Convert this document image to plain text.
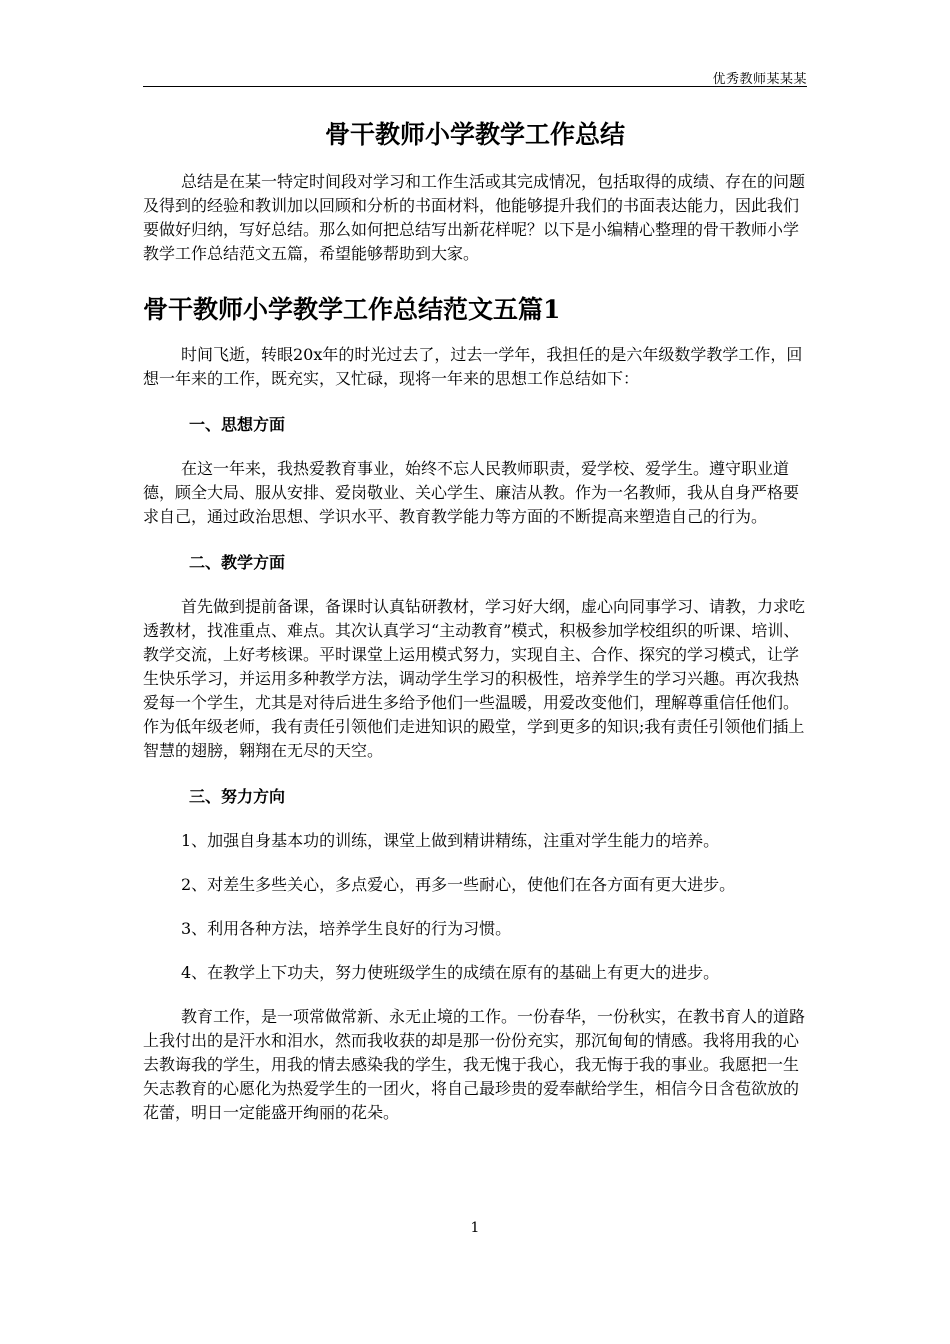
优秀教师某某某
骨干教师小学教学工作总结

总结是在某一特定时间段对学习和工作生活或其完成情况，包括取得的成绩、存在的问题及得到的经验和教训加以回顾和分析的书面材料，他能够提升我们的书面表达能力，因此我们要做好归纳，写好总结。那么如何把总结写出新花样呢？以下是小编精心整理的骨干教师小学教学工作总结范文五篇，希望能够帮助到大家。

骨干教师小学教学工作总结范文五篇1

时间飞逝，转眼20x年的时光过去了，过去一学年，我担任的是六年级数学教学工作，回想一年来的工作，既充实，又忙碌，现将一年来的思想工作总结如下：

一、思想方面

在这一年来，我热爱教育事业，始终不忘人民教师职责，爱学校、爱学生。遵守职业道德，顾全大局、服从安排、爱岗敬业、关心学生、廉洁从教。作为一名教师，我从自身严格要求自己，通过政治思想、学识水平、教育教学能力等方面的不断提高来塑造自己的行为。

二、教学方面

首先做到提前备课，备课时认真钻研教材，学习好大纲，虚心向同事学习、请教，力求吃透教材，找准重点、难点。其次认真学习“主动教育”模式，积极参加学校组织的听课、培训、教学交流，上好考核课。平时课堂上运用模式努力，实现自主、合作、探究的学习模式，让学生快乐学习，并运用多种教学方法，调动学生学习的积极性，培养学生的学习兴趣。再次我热爱每一个学生，尤其是对待后进生多给予他们一些温暖，用爱改变他们，理解尊重信任他们。作为低年级老师，我有责任引领他们走进知识的殿堂，学到更多的知识;我有责任引领他们插上智慧的翅膀，翱翔在无尽的天空。

三、努力方向

1、加强自身基本功的训练，课堂上做到精讲精练，注重对学生能力的培养。

2、对差生多些关心，多点爱心，再多一些耐心，使他们在各方面有更大进步。

3、利用各种方法，培养学生良好的行为习惯。

4、在教学上下功夫，努力使班级学生的成绩在原有的基础上有更大的进步。

教育工作，是一项常做常新、永无止境的工作。一份春华，一份秋实，在教书育人的道路上我付出的是汗水和泪水，然而我收获的却是那一份份充实，那沉甸甸的情感。我将用我的心去教诲我的学生，用我的情去感染我的学生，我无愧于我心，我无悔于我的事业。我愿把一生矢志教育的心愿化为热爱学生的一团火，将自己最珍贵的爱奉献给学生，相信今日含苞欲放的花蕾，明日一定能盛开绚丽的花朵。

1
